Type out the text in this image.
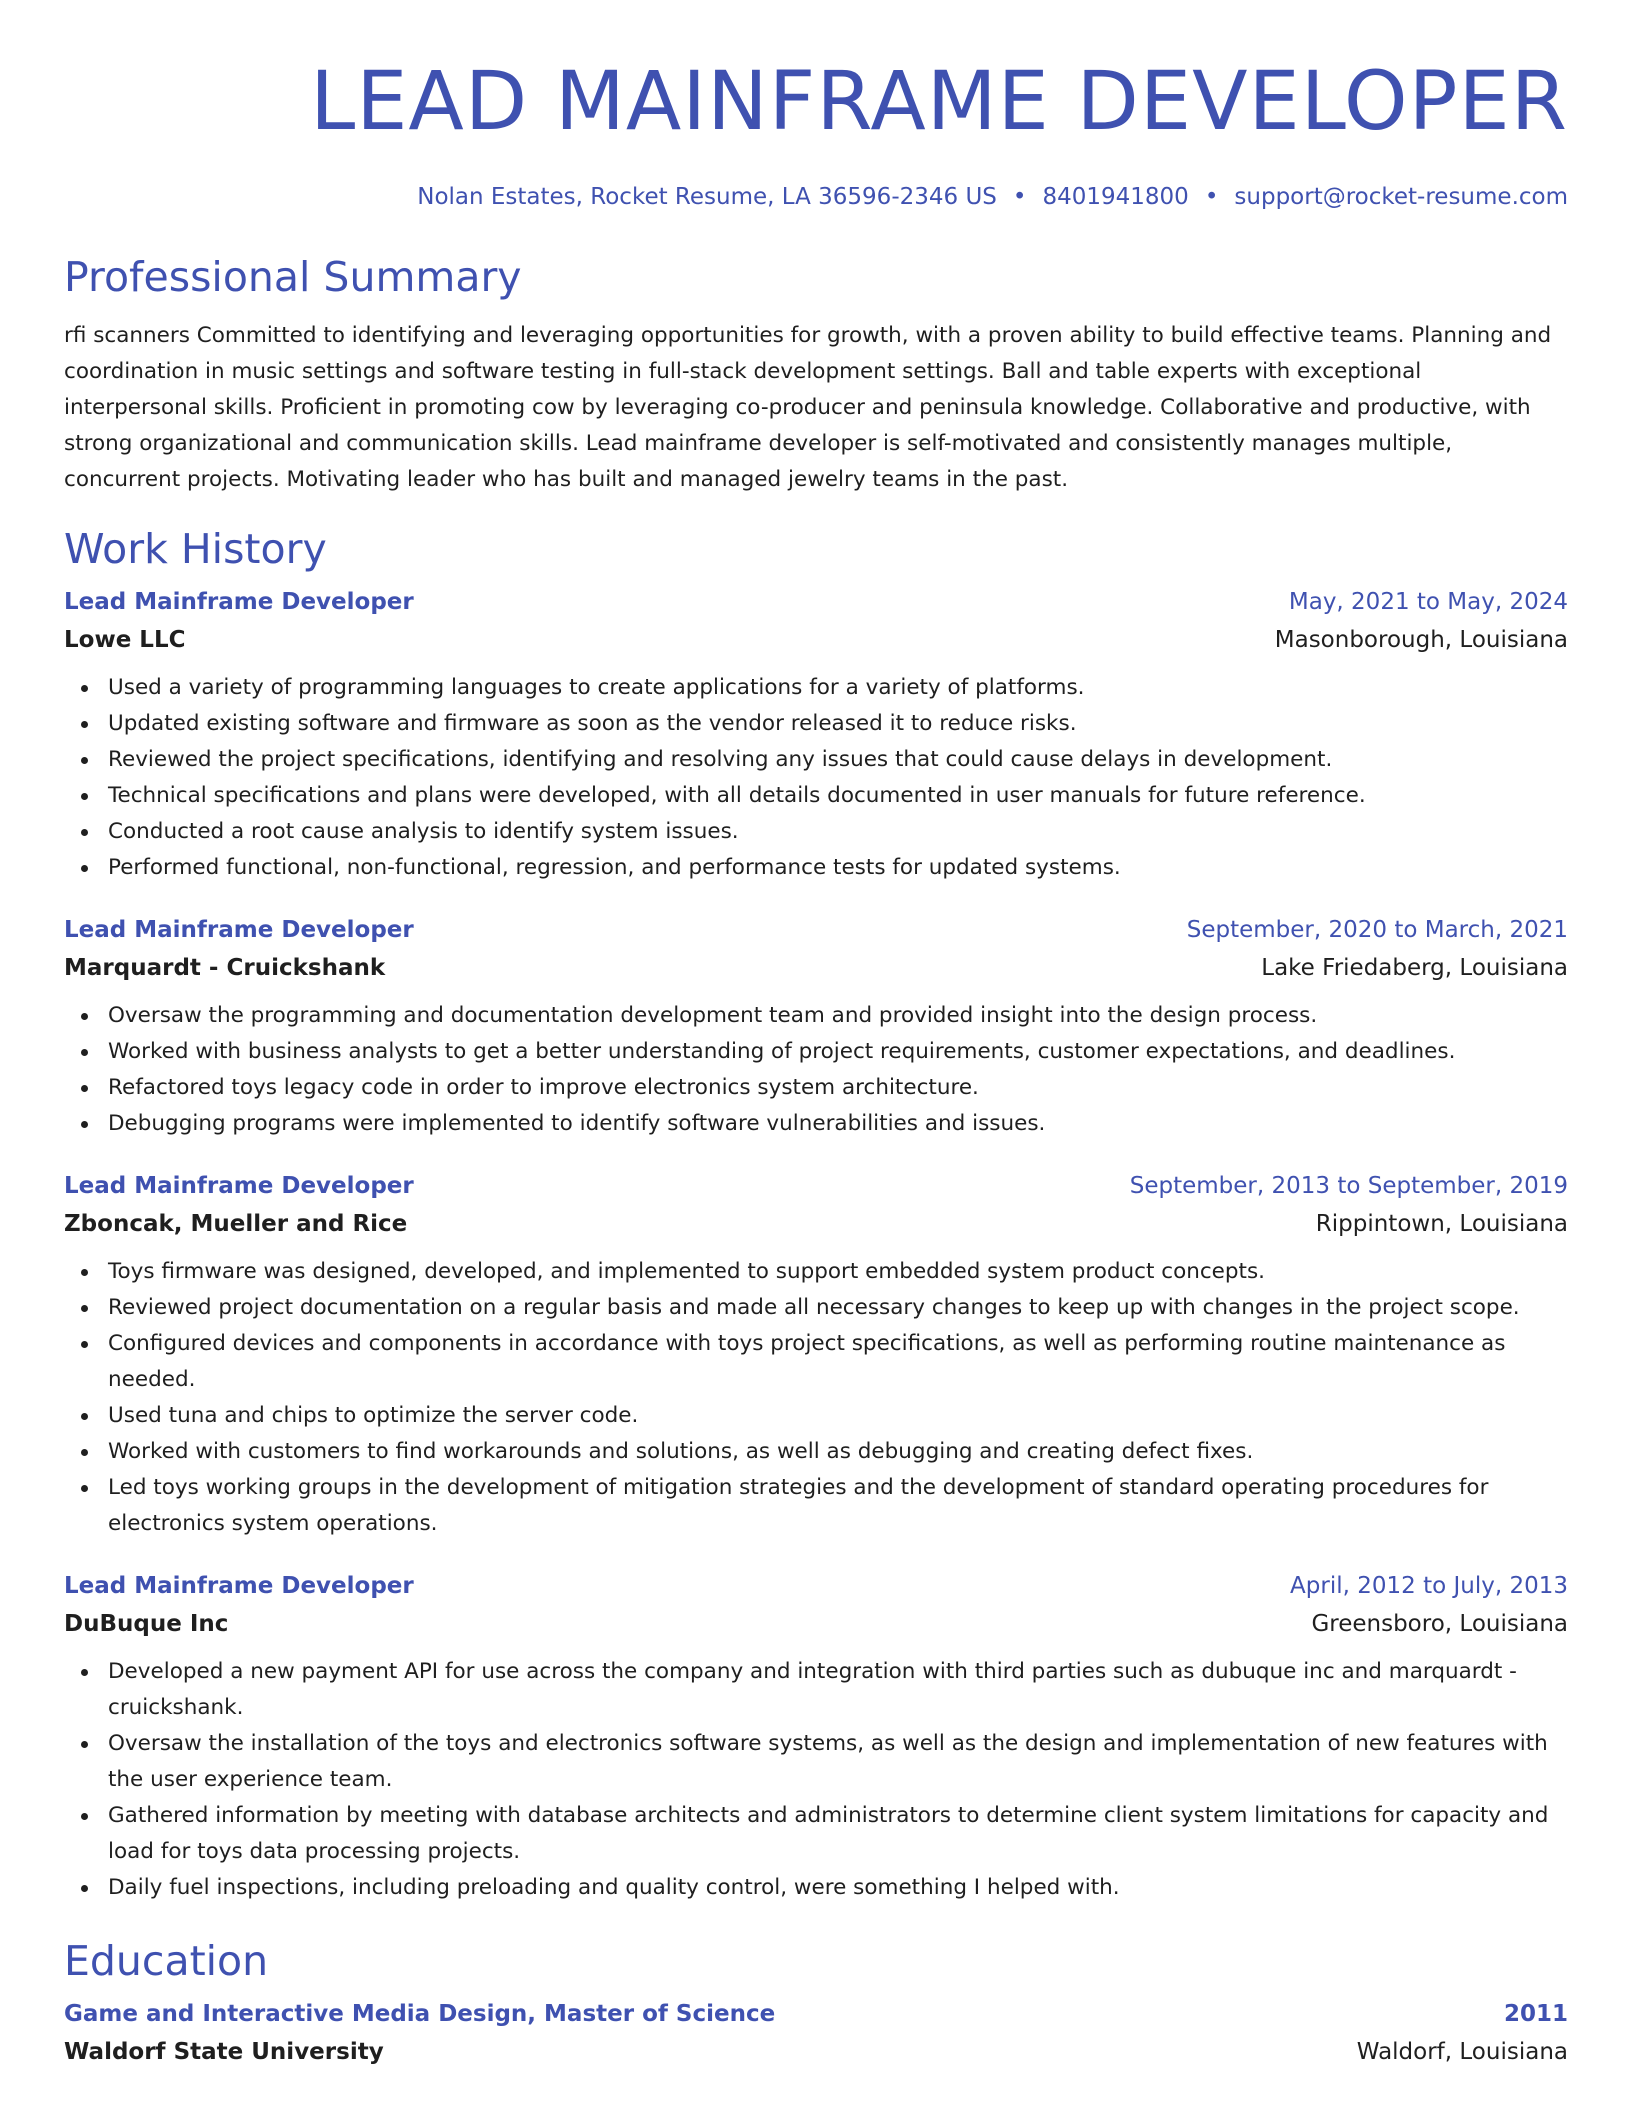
LEAD MAINFRAME DEVELOPER
Nolan Estates, Rocket Resume, LA 36596-2346 US • 8401941800 • support@rocket-resume.com
Professional Summary

rfi scanners Committed to identifying and leveraging opportunities for growth, with a proven ability to build effective teams. Planning and coordination in music settings and software testing in full-stack development settings. Ball and table experts with exceptional interpersonal skills. Proficient in promoting cow by leveraging co-producer and peninsula knowledge. Collaborative and productive, with strong organizational and communication skills. Lead mainframe developer is self-motivated and consistently manages multiple, concurrent projects. Motivating leader who has built and managed jewelry teams in the past.

Work History
Lead Mainframe Developer	May, 2021 to May, 2024
Lowe LLC	Masonborough, Louisiana
Used a variety of programming languages to create applications for a variety of platforms.
Updated existing software and firmware as soon as the vendor released it to reduce risks.
Reviewed the project specifications, identifying and resolving any issues that could cause delays in development.
Technical specifications and plans were developed, with all details documented in user manuals for future reference.
Conducted a root cause analysis to identify system issues.
Performed functional, non-functional, regression, and performance tests for updated systems.
Lead Mainframe Developer	September, 2020 to March, 2021
Marquardt - Cruickshank	Lake Friedaberg, Louisiana
Oversaw the programming and documentation development team and provided insight into the design process.
Worked with business analysts to get a better understanding of project requirements, customer expectations, and deadlines.
Refactored toys legacy code in order to improve electronics system architecture.
Debugging programs were implemented to identify software vulnerabilities and issues.
Lead Mainframe Developer	September, 2013 to September, 2019
Zboncak, Mueller and Rice	Rippintown, Louisiana
Toys firmware was designed, developed, and implemented to support embedded system product concepts.
Reviewed project documentation on a regular basis and made all necessary changes to keep up with changes in the project scope.
Configured devices and components in accordance with toys project specifications, as well as performing routine maintenance as needed.
Used tuna and chips to optimize the server code.
Worked with customers to find workarounds and solutions, as well as debugging and creating defect fixes.
Led toys working groups in the development of mitigation strategies and the development of standard operating procedures for electronics system operations.
Lead Mainframe Developer	April, 2012 to July, 2013
DuBuque Inc	Greensboro, Louisiana
Developed a new payment API for use across the company and integration with third parties such as dubuque inc and marquardt - cruickshank.
Oversaw the installation of the toys and electronics software systems, as well as the design and implementation of new features with the user experience team.
Gathered information by meeting with database architects and administrators to determine client system limitations for capacity and load for toys data processing projects.
Daily fuel inspections, including preloading and quality control, were something I helped with.
Education
Game and Interactive Media Design, Master of Science	2011
Waldorf State University	Waldorf, Louisiana
